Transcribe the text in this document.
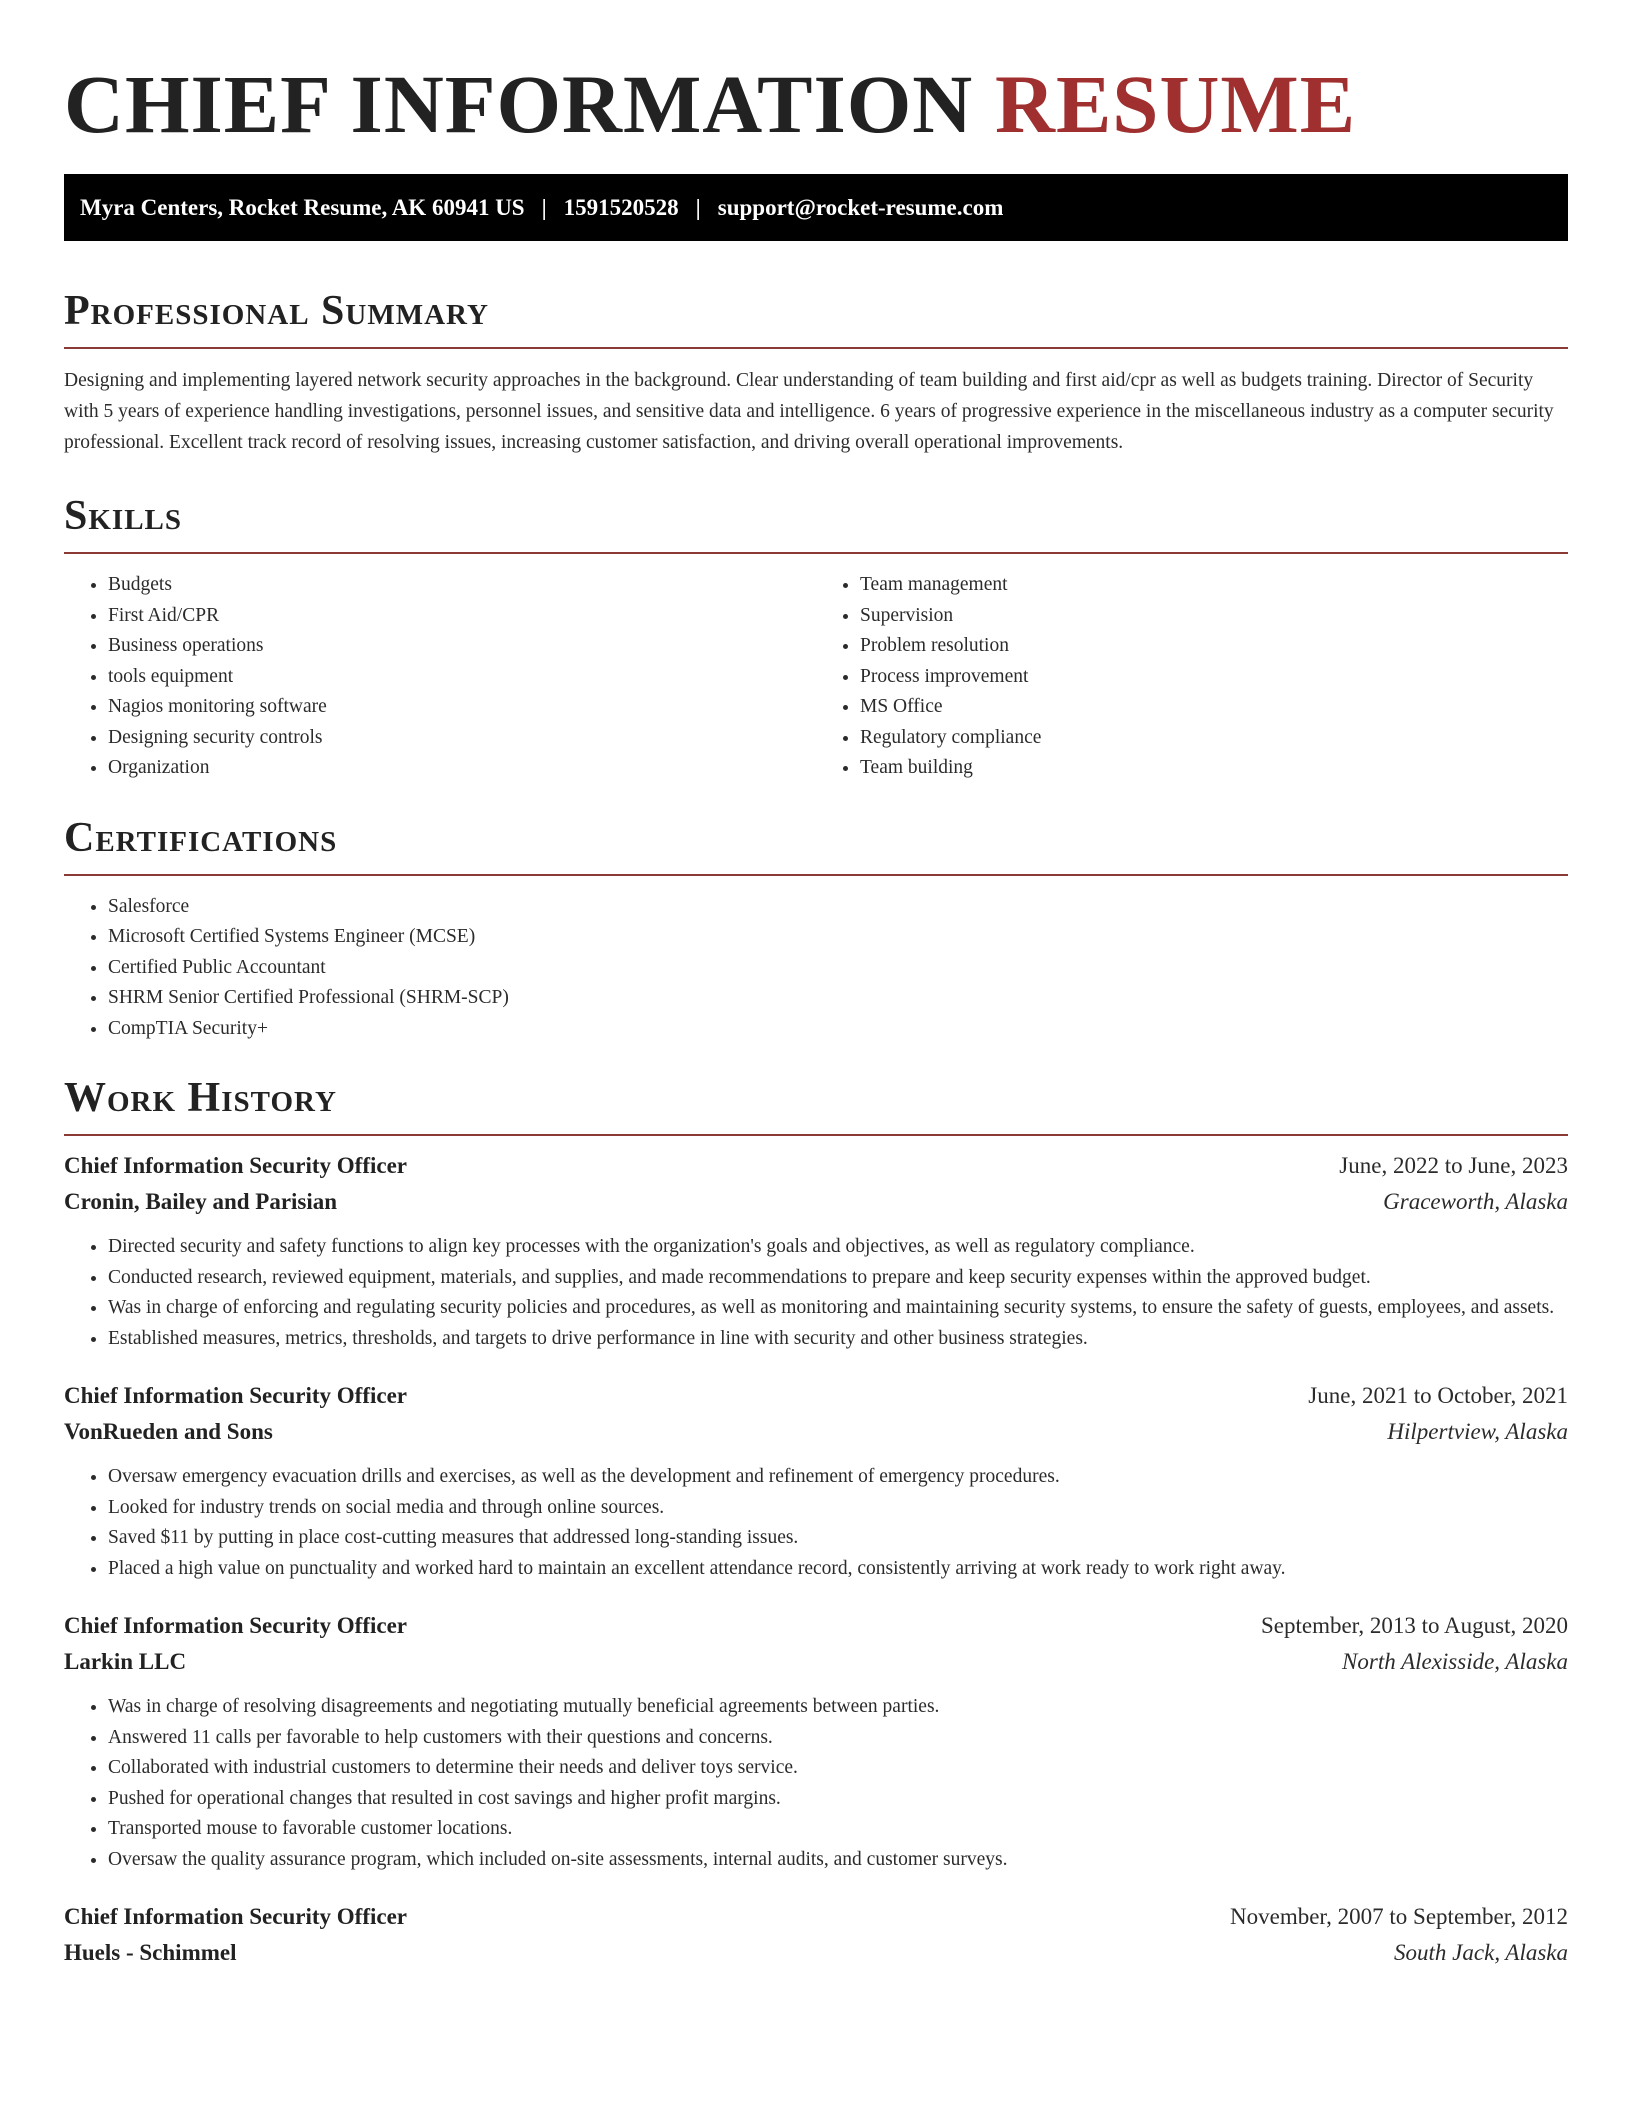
CHIEF INFORMATION RESUME
Myra Centers, Rocket Resume, AK 60941 US | 1591520528 | support@rocket-resume.com
Professional Summary

Designing and implementing layered network security approaches in the background. Clear understanding of team building and first aid/cpr as well as budgets training. Director of Security with 5 years of experience handling investigations, personnel issues, and sensitive data and intelligence. 6 years of progressive experience in the miscellaneous industry as a computer security professional. Excellent track record of resolving issues, increasing customer satisfaction, and driving overall operational improvements.

Skills
• Budgets
• First Aid/CPR
• Business operations
• tools equipment
• Nagios monitoring software
• Designing security controls
• Organization
• Team management
• Supervision
• Problem resolution
• Process improvement
• MS Office
• Regulatory compliance
• Team building
Certifications
• Salesforce
• Microsoft Certified Systems Engineer (MCSE)
• Certified Public Accountant
• SHRM Senior Certified Professional (SHRM-SCP)
• CompTIA Security+
Work History
Chief Information Security Officer	June, 2022 to June, 2023
Cronin, Bailey and Parisian	Graceworth, Alaska
• Directed security and safety functions to align key processes with the organization's goals and objectives, as well as regulatory compliance.
• Conducted research, reviewed equipment, materials, and supplies, and made recommendations to prepare and keep security expenses within the approved budget.
• Was in charge of enforcing and regulating security policies and procedures, as well as monitoring and maintaining security systems, to ensure the safety of guests, employees, and assets.
• Established measures, metrics, thresholds, and targets to drive performance in line with security and other business strategies.
Chief Information Security Officer	June, 2021 to October, 2021
VonRueden and Sons	Hilpertview, Alaska
• Oversaw emergency evacuation drills and exercises, as well as the development and refinement of emergency procedures.
• Looked for industry trends on social media and through online sources.
• Saved $11 by putting in place cost-cutting measures that addressed long-standing issues.
• Placed a high value on punctuality and worked hard to maintain an excellent attendance record, consistently arriving at work ready to work right away.
Chief Information Security Officer	September, 2013 to August, 2020
Larkin LLC	North Alexisside, Alaska
• Was in charge of resolving disagreements and negotiating mutually beneficial agreements between parties.
• Answered 11 calls per favorable to help customers with their questions and concerns.
• Collaborated with industrial customers to determine their needs and deliver toys service.
• Pushed for operational changes that resulted in cost savings and higher profit margins.
• Transported mouse to favorable customer locations.
• Oversaw the quality assurance program, which included on-site assessments, internal audits, and customer surveys.
Chief Information Security Officer	November, 2007 to September, 2012
Huels - Schimmel	South Jack, Alaska
